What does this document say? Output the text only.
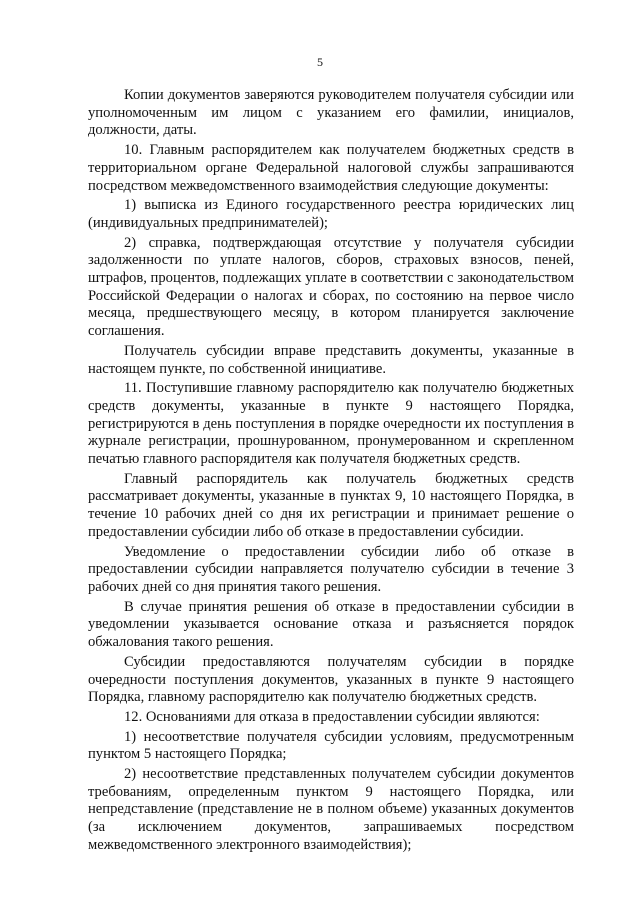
5

Копии документов заверяются руководителем получателя субсидии или уполномоченным им лицом с указанием его фамилии, инициалов, должности, даты.

10. Главным распорядителем как получателем бюджетных средств в территориальном органе Федеральной налоговой службы запрашиваются посредством межведомственного взаимодействия следующие документы:

1) выписка из Единого государственного реестра юридических лиц (индивидуальных предпринимателей);

2) справка, подтверждающая отсутствие у получателя субсидии задолженности по уплате налогов, сборов, страховых взносов, пеней, штрафов, процентов, подлежащих уплате в соответствии с законодательством Российской Федерации о налогах и сборах, по состоянию на первое число месяца, предшествующего месяцу, в котором планируется заключение соглашения.

Получатель субсидии вправе представить документы, указанные в настоящем пункте, по собственной инициативе.

11. Поступившие главному распорядителю как получателю бюджетных средств документы, указанные в пункте 9 настоящего Порядка, регистрируются в день поступления в порядке очередности их поступления в журнале регистрации, прошнурованном, пронумерованном и скрепленном печатью главного распорядителя как получателя бюджетных средств.

Главный распорядитель как получатель бюджетных средств рассматривает документы, указанные в пунктах 9, 10 настоящего Порядка, в течение 10 рабочих дней со дня их регистрации и принимает решение о предоставлении субсидии либо об отказе в предоставлении субсидии.

Уведомление о предоставлении субсидии либо об отказе в предоставлении субсидии направляется получателю субсидии в течение 3 рабочих дней со дня принятия такого решения.

В случае принятия решения об отказе в предоставлении субсидии в уведомлении указывается основание отказа и разъясняется порядок обжалования такого решения.

Субсидии предоставляются получателям субсидии в порядке очередности поступления документов, указанных в пункте 9 настоящего Порядка, главному распорядителю как получателю бюджетных средств.

12. Основаниями для отказа в предоставлении субсидии являются:

1) несоответствие получателя субсидии условиям, предусмотренным пунктом 5 настоящего Порядка;

2) несоответствие представленных получателем субсидии документов требованиям, определенным пунктом 9 настоящего Порядка, или непредставление (представление не в полном объеме) указанных документов (за исключением документов, запрашиваемых посредством межведомственного электронного взаимодействия);
